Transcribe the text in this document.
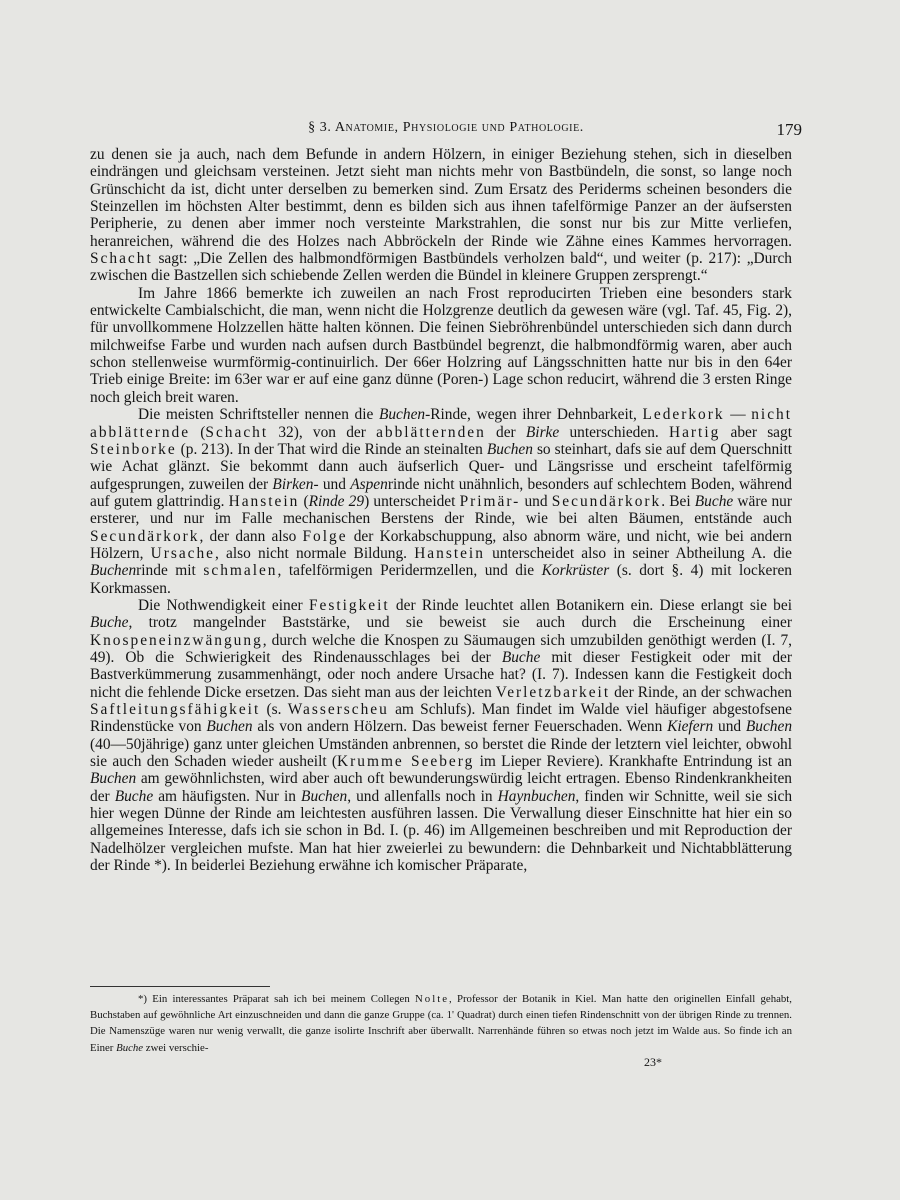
§ 3. Anatomie, Physiologie und Pathologie.	179

zu denen sie ja auch, nach dem Befunde in andern Hölzern, in einiger Beziehung stehen, sich in dieselben eindrängen und gleichsam versteinen. Jetzt sieht man nichts mehr von Bastbündeln, die sonst, so lange noch Grünschicht da ist, dicht unter derselben zu bemerken sind. Zum Ersatz des Periderms scheinen besonders die Steinzellen im höchsten Alter bestimmt, denn es bilden sich aus ihnen tafelförmige Panzer an der äufsersten Peripherie, zu denen aber immer noch versteinte Markstrahlen, die sonst nur bis zur Mitte verliefen, heranreichen, während die des Holzes nach Abbröckeln der Rinde wie Zähne eines Kammes hervorragen. Schacht sagt: „Die Zellen des halbmondförmigen Bastbündels verholzen bald“, und weiter (p. 217): „Durch zwischen die Bastzellen sich schiebende Zellen werden die Bündel in kleinere Gruppen zersprengt.“

Im Jahre 1866 bemerkte ich zuweilen an nach Frost reproducirten Trieben eine besonders stark entwickelte Cambialschicht, die man, wenn nicht die Holzgrenze deutlich da gewesen wäre (vgl. Taf. 45, Fig. 2), für unvollkommene Holzzellen hätte halten können. Die feinen Siebröhrenbündel unterschieden sich dann durch milchweifse Farbe und wurden nach aufsen durch Bastbündel begrenzt, die halbmondförmig waren, aber auch schon stellenweise wurmförmig-continuirlich. Der 66er Holzring auf Längsschnitten hatte nur bis in den 64er Trieb einige Breite: im 63er war er auf eine ganz dünne (Poren-) Lage schon reducirt, während die 3 ersten Ringe noch gleich breit waren.

Die meisten Schriftsteller nennen die Buchen-Rinde, wegen ihrer Dehnbarkeit, Lederkork — nicht abblätternde (Schacht 32), von der abblätternden der Birke unterschieden. Hartig aber sagt Steinborke (p. 213). In der That wird die Rinde an steinalten Buchen so steinhart, dafs sie auf dem Querschnitt wie Achat glänzt. Sie bekommt dann auch äufserlich Quer- und Längsrisse und erscheint tafelförmig aufgesprungen, zuweilen der Birken- und Aspenrinde nicht unähnlich, besonders auf schlechtem Boden, während auf gutem glattrindig. Hanstein (Rinde 29) unterscheidet Primär- und Secundärkork. Bei Buche wäre nur ersterer, und nur im Falle mechanischen Berstens der Rinde, wie bei alten Bäumen, entstände auch Secundärkork, der dann also Folge der Korkabschuppung, also abnorm wäre, und nicht, wie bei andern Hölzern, Ursache, also nicht normale Bildung. Hanstein unterscheidet also in seiner Abtheilung A. die Buchenrinde mit schmalen, tafelförmigen Peridermzellen, und die Korkrüster (s. dort §. 4) mit lockeren Korkmassen.

Die Nothwendigkeit einer Festigkeit der Rinde leuchtet allen Botanikern ein. Diese erlangt sie bei Buche, trotz mangelnder Baststärke, und sie beweist sie auch durch die Erscheinung einer Knospeneinzwängung, durch welche die Knospen zu Säumaugen sich umzubilden genöthigt werden (I. 7, 49). Ob die Schwierigkeit des Rindenausschlages bei der Buche mit dieser Festigkeit oder mit der Bastverkümmerung zusammenhängt, oder noch andere Ursache hat? (I. 7). Indessen kann die Festigkeit doch nicht die fehlende Dicke ersetzen. Das sieht man aus der leichten Verletzbarkeit der Rinde, an der schwachen Saftleitungsfähigkeit (s. Wasserscheu am Schlufs). Man findet im Walde viel häufiger abgestofsene Rindenstücke von Buchen als von andern Hölzern. Das beweist ferner Feuerschaden. Wenn Kiefern und Buchen (40—50jährige) ganz unter gleichen Umständen anbrennen, so berstet die Rinde der letztern viel leichter, obwohl sie auch den Schaden wieder ausheilt (Krumme Seeberg im Lieper Reviere). Krankhafte Entrindung ist an Buchen am gewöhnlichsten, wird aber auch oft bewunderungswürdig leicht ertragen. Ebenso Rindenkrankheiten der Buche am häufigsten. Nur in Buchen, und allenfalls noch in Haynbuchen, finden wir Schnitte, weil sie sich hier wegen Dünne der Rinde am leichtesten ausführen lassen. Die Verwallung dieser Einschnitte hat hier ein so allgemeines Interesse, dafs ich sie schon in Bd. I. (p. 46) im Allgemeinen beschreiben und mit Reproduction der Nadelhölzer vergleichen mufste. Man hat hier zweierlei zu bewundern: die Dehnbarkeit und Nichtabblätterung der Rinde *). In beiderlei Beziehung erwähne ich komischer Präparate,

*) Ein interessantes Präparat sah ich bei meinem Collegen Nolte, Professor der Botanik in Kiel. Man hatte den originellen Einfall gehabt, Buchstaben auf gewöhnliche Art einzuschneiden und dann die ganze Gruppe (ca. 1' Quadrat) durch einen tiefen Rindenschnitt von der übrigen Rinde zu trennen. Die Namenszüge waren nur wenig verwallt, die ganze isolirte Inschrift aber überwallt. Narrenhände führen so etwas noch jetzt im Walde aus. So finde ich an Einer Buche zwei verschie-

23*
